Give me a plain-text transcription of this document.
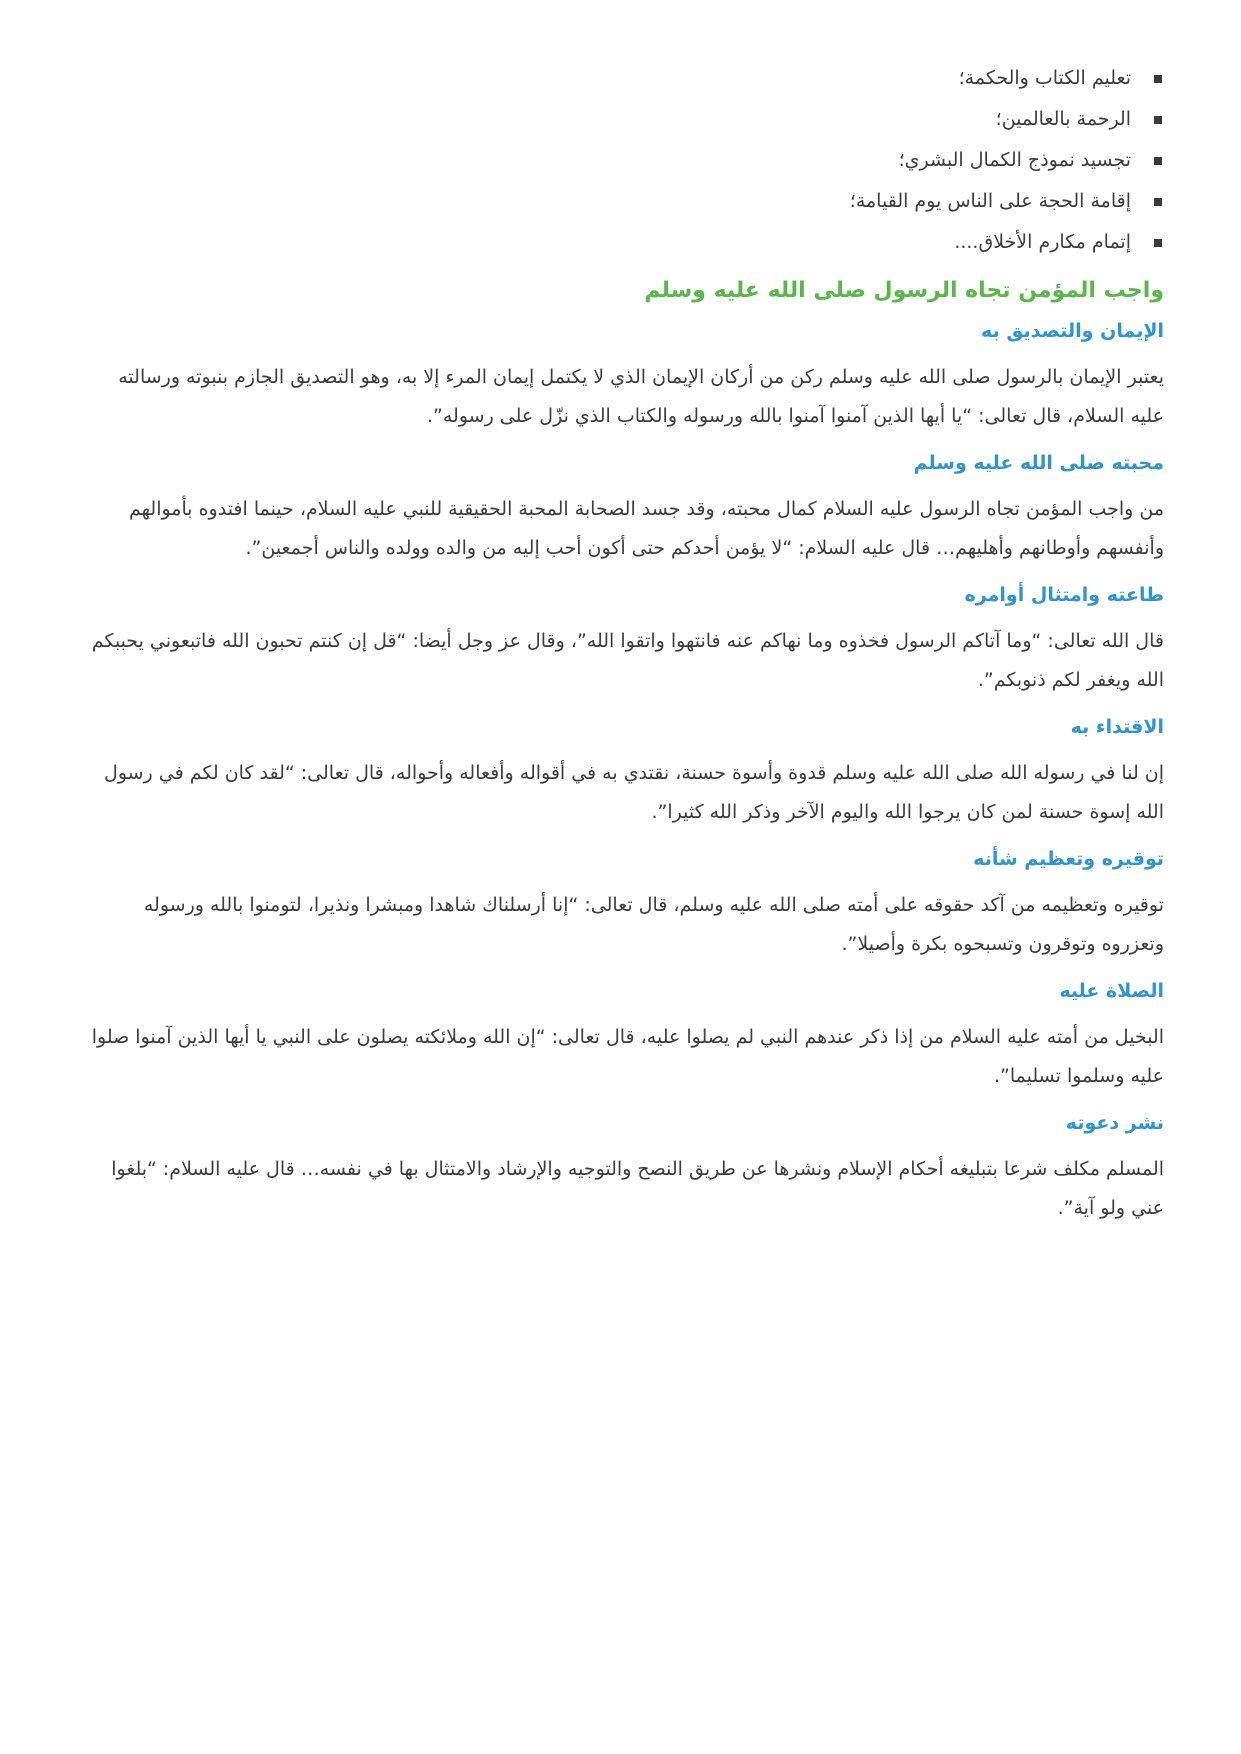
تعليم الكتاب والحكمة؛
الرحمة بالعالمين؛
تجسيد نموذج الكمال البشري؛
إقامة الحجة على الناس يوم القيامة؛
إتمام مكارم الأخلاق....
واجب المؤمن تجاه الرسول صلى الله عليه وسلم
الإيمان والتصديق به

يعتبر الإيمان بالرسول صلى الله عليه وسلم ركن من أركان الإيمان الذي لا يكتمل إيمان المرء إلا به، وهو التصديق الجازم بنبوته ورسالته عليه السلام، قال تعالى: “يا أيها الذين آمنوا آمنوا بالله ورسوله والكتاب الذي نزّل على رسوله”.

محبته صلى الله عليه وسلم

من واجب المؤمن تجاه الرسول عليه السلام كمال محبته، وقد جسد الصحابة المحبة الحقيقية للنبي عليه السلام، حينما افتدوه بأموالهم وأنفسهم وأوطانهم وأهليهم… قال عليه السلام: “لا يؤمن أحدكم حتى أكون أحب إليه من والده وولده والناس أجمعين”.

طاعته وامتثال أوامره

قال الله تعالى: “وما آتاكم الرسول فخذوه وما نهاكم عنه فانتهوا واتقوا الله”، وقال عز وجل أيضا: “قل إن كنتم تحبون الله فاتبعوني يحببكم الله ويغفر لكم ذنوبكم”.

الاقتداء به

إن لنا في رسوله الله صلى الله عليه وسلم قدوة وأسوة حسنة، نقتدي به في أقواله وأفعاله وأحواله، قال تعالى: “لقد كان لكم في رسول الله إسوة حسنة لمن كان يرجوا الله واليوم الآخر وذكر الله كثيرا”.

توقيره وتعظيم شأنه

توقيره وتعظيمه من آكد حقوقه على أمته صلى الله عليه وسلم، قال تعالى: “إنا أرسلناك شاهدا ومبشرا ونذيرا، لتومنوا بالله ورسوله وتعزروه وتوقرون وتسبحوه بكرة وأصيلا”.

الصلاة عليه

البخيل من أمته عليه السلام من إذا ذكر عندهم النبي لم يصلوا عليه، قال تعالى: “إن الله وملائكته يصلون على النبي يا أيها الذين آمنوا صلوا عليه وسلموا تسليما”.

نشر دعوته

المسلم مكلف شرعا بتبليغه أحكام الإسلام ونشرها عن طريق النصح والتوجيه والإرشاد والامتثال بها في نفسه… قال عليه السلام: “بلغوا عني ولو آية”.
